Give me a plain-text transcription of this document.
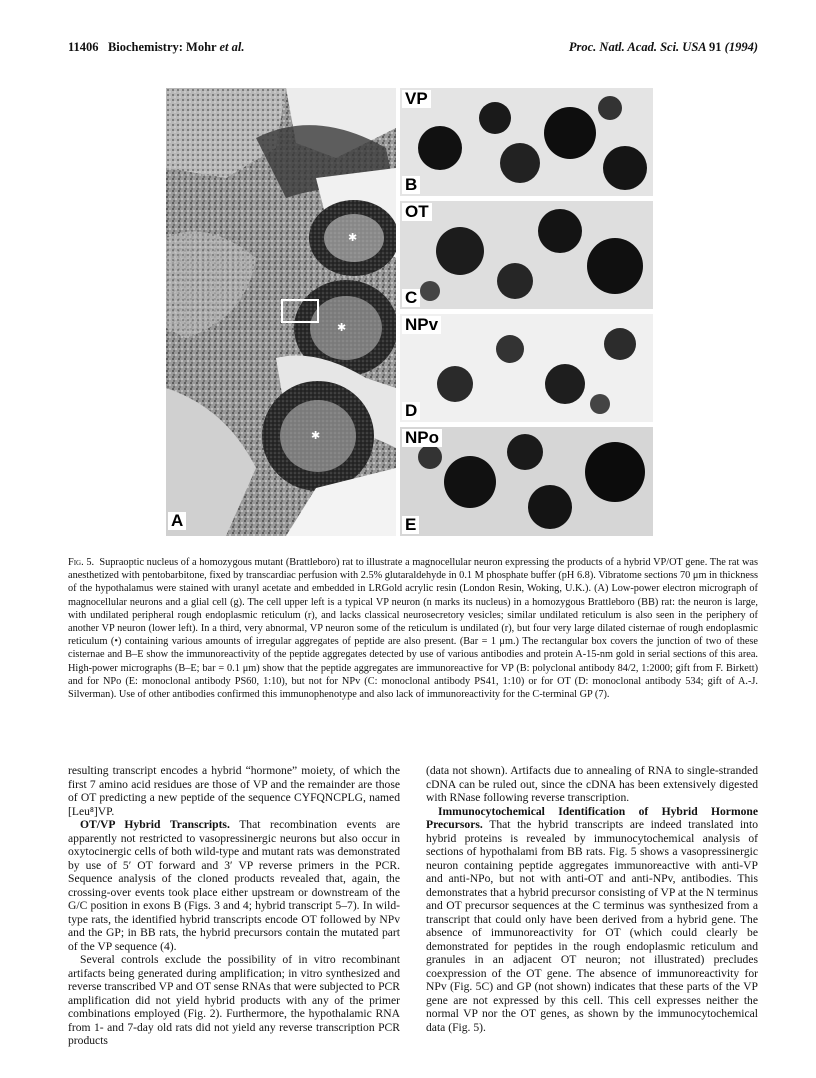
11406 Biochemistry: Mohr et al.	Proc. Natl. Acad. Sci. USA 91 (1994)
✱
✱
✱
A
VP
B
OT
C
NPv
D
NPo
E
Fig. 5. Supraoptic nucleus of a homozygous mutant (Brattleboro) rat to illustrate a magnocellular neuron expressing the products of a hybrid VP/OT gene. The rat was anesthetized with pentobarbitone, fixed by transcardiac perfusion with 2.5% glutaraldehyde in 0.1 M phosphate buffer (pH 6.8). Vibratome sections 70 μm in thickness of the hypothalamus were stained with uranyl acetate and embedded in LRGold acrylic resin (London Resin, Woking, U.K.). (A) Low-power electron micrograph of magnocellular neurons and a glial cell (g). The cell upper left is a typical VP neuron (n marks its nucleus) in a homozygous Brattleboro (BB) rat: the neuron is large, with undilated peripheral rough endoplasmic reticulum (r), and lacks classical neurosecretory vesicles; similar undilated reticulum is also seen in the periphery of another VP neuron (lower left). In a third, very abnormal, VP neuron some of the reticulum is undilated (r), but four very large dilated cisternae of rough endoplasmic reticulum (•) containing various amounts of irregular aggregates of peptide are also present. (Bar = 1 μm.) The rectangular box covers the junction of two of these cisternae and B–E show the immunoreactivity of the peptide aggregates detected by use of various antibodies and protein A-15-nm gold in serial sections of this area. High-power micrographs (B–E; bar = 0.1 μm) show that the peptide aggregates are immunoreactive for VP (B: polyclonal antibody 84/2, 1:2000; gift from F. Birkett) and for NPo (E: monoclonal antibody PS60, 1:10), but not for NPv (C: monoclonal antibody PS41, 1:10) or for OT (D: monoclonal antibody 534; gift of A.-J. Silverman). Use of other antibodies confirmed this immunophenotype and also lack of immunoreactivity for the C-terminal GP (7).

resulting transcript encodes a hybrid “hormone” moiety, of which the first 7 amino acid residues are those of VP and the remainder are those of OT predicting a new peptide of the sequence CYFQNCPLG, named [Leu⁸]VP.

OT/VP Hybrid Transcripts. That recombination events are apparently not restricted to vasopressinergic neurons but also occur in oxytocinergic cells of both wild-type and mutant rats was demonstrated by use of 5′ OT forward and 3′ VP reverse primers in the PCR. Sequence analysis of the cloned products revealed that, again, the crossing-over events took place either upstream or downstream of the G/C position in exons B (Figs. 3 and 4; hybrid transcript 5–7). In wild-type rats, the identified hybrid transcripts encode OT followed by NPv and the GP; in BB rats, the hybrid precursors contain the mutated part of the VP sequence (4).

Several controls exclude the possibility of in vitro recombinant artifacts being generated during amplification; in vitro synthesized and reverse transcribed VP and OT sense RNAs that were subjected to PCR amplification did not yield hybrid products with any of the primer combinations employed (Fig. 2). Furthermore, the hypothalamic RNA from 1- and 7-day old rats did not yield any reverse transcription PCR products

(data not shown). Artifacts due to annealing of RNA to single-stranded cDNA can be ruled out, since the cDNA has been extensively digested with RNase following reverse transcription.

Immunocytochemical Identification of Hybrid Hormone Precursors. That the hybrid transcripts are indeed translated into hybrid proteins is revealed by immunocytochemical analysis of sections of hypothalami from BB rats. Fig. 5 shows a vasopressinergic neuron containing peptide aggregates immunoreactive with anti-VP and anti-NPo, but not with anti-OT and anti-NPv, antibodies. This demonstrates that a hybrid precursor consisting of VP at the N terminus and OT precursor sequences at the C terminus was synthesized from a transcript that could only have been derived from a hybrid gene. The absence of immunoreactivity for OT (which could clearly be demonstrated for peptides in the rough endoplasmic reticulum and granules in an adjacent OT neuron; not illustrated) precludes coexpression of the OT gene. The absence of immunoreactivity for NPv (Fig. 5C) and GP (not shown) indicates that these parts of the VP gene are not expressed by this cell. This cell expresses neither the normal VP nor the OT genes, as shown by the immunocytochemical data (Fig. 5).
